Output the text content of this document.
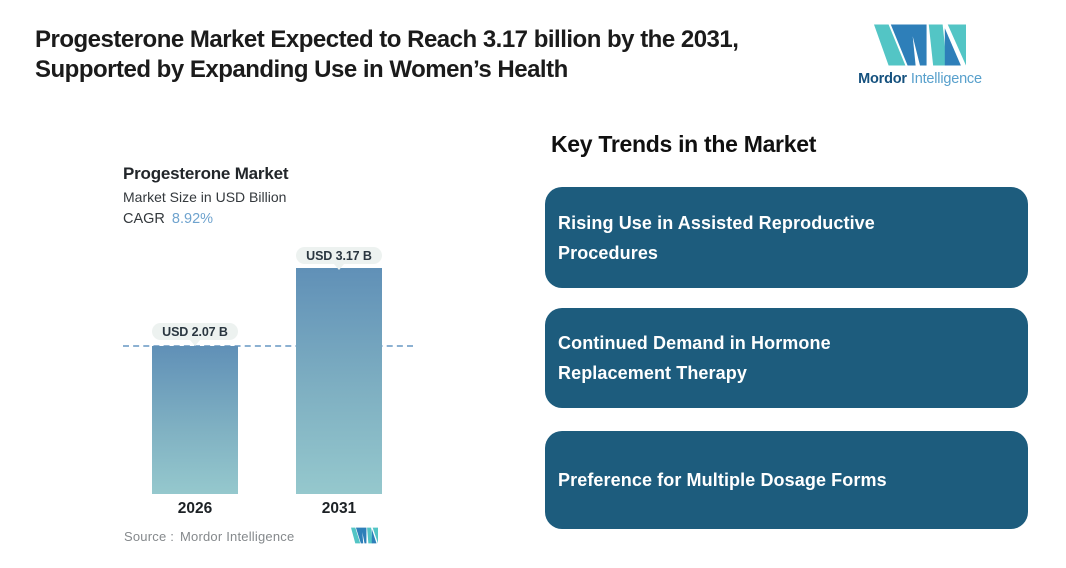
Progesterone Market Expected to Reach 3.17 billion by the 2031,
Supported by Expanding Use in Women’s Health	Mordor Intelligence
Progesterone Market
Market Size in USD Billion
CAGR 8.92%
USD 2.07 B
2026
USD 3.17 B
2031
Source : Mordor Intelligence
Key Trends in the Market
Rising Use in Assisted Reproductive
Procedures
Continued Demand in Hormone
Replacement Therapy
Preference for Multiple Dosage Forms
